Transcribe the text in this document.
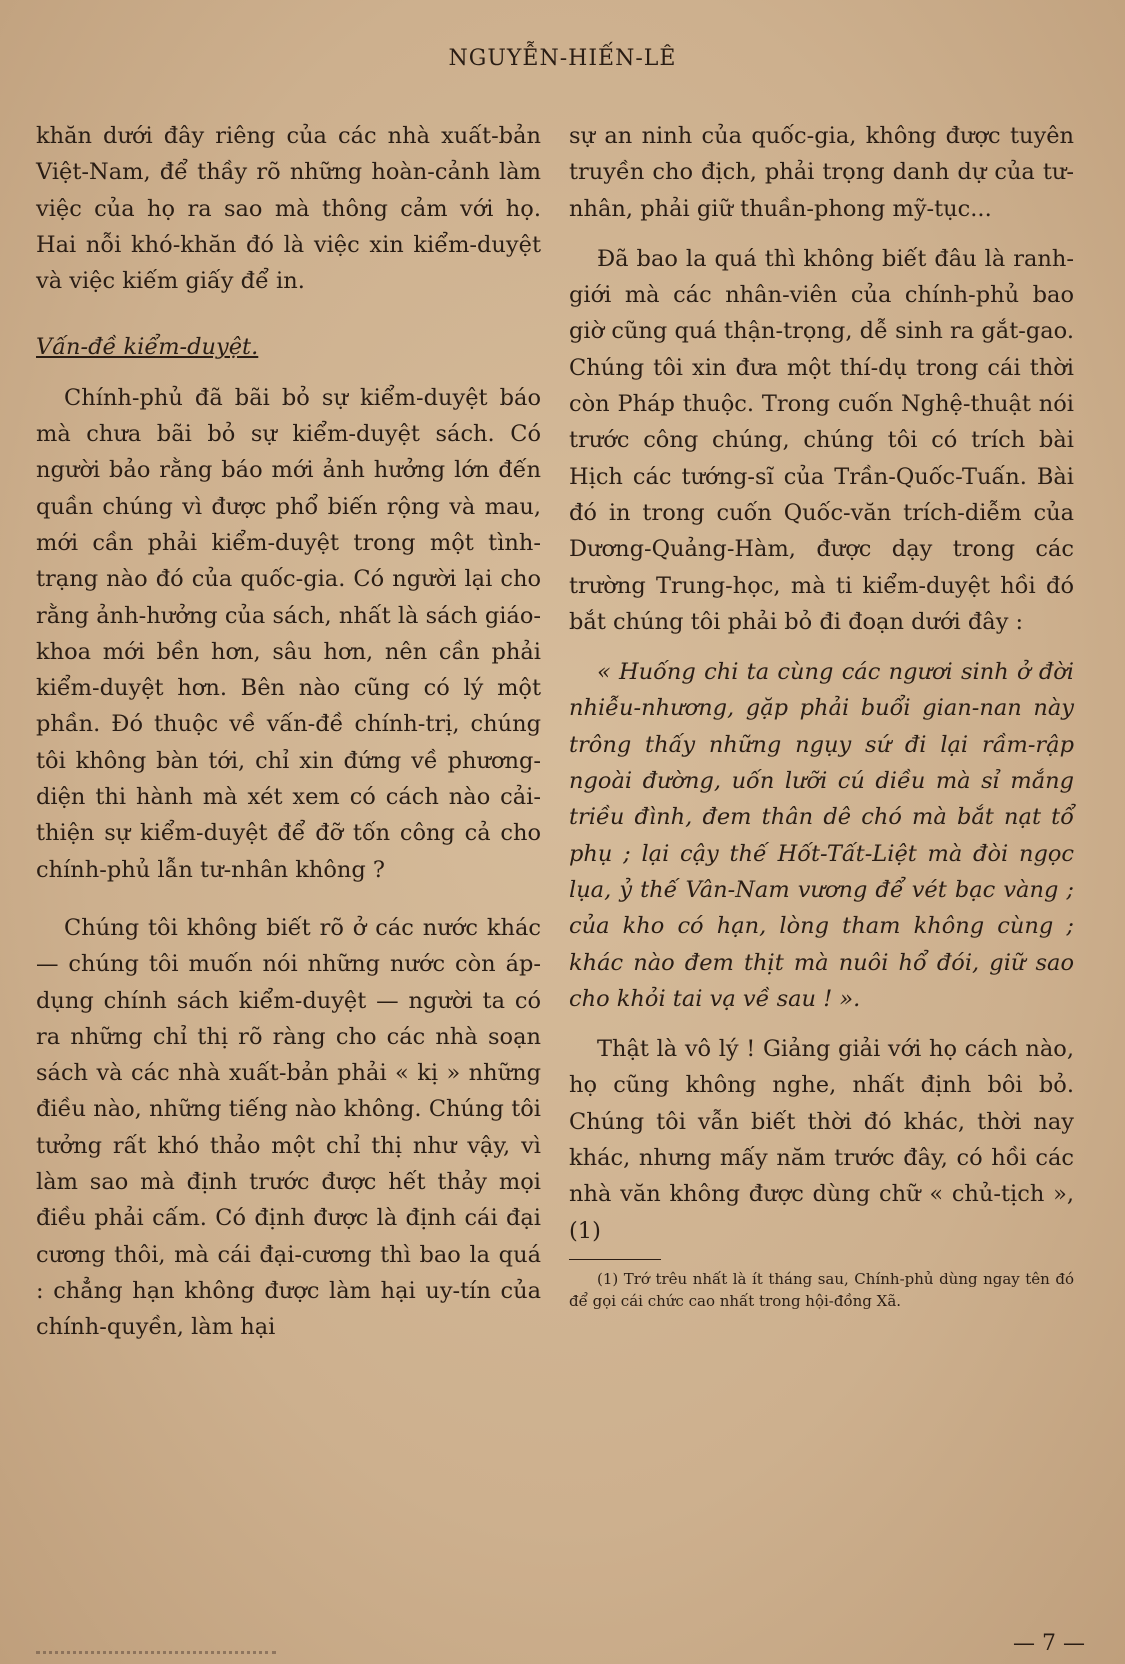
NGUYỄN-HIẾN-LÊ

khăn dưới đây riêng của các nhà xuất-bản Việt-Nam, để thầy rõ những hoàn-cảnh làm việc của họ ra sao mà thông cảm với họ. Hai nỗi khó-khăn đó là việc xin kiểm-duyệt và việc kiếm giấy để in.

Vấn-đề kiểm-duyệt.

Chính-phủ đã bãi bỏ sự kiểm-duyệt báo mà chưa bãi bỏ sự kiểm-duyệt sách. Có người bảo rằng báo mới ảnh hưởng lớn đến quần chúng vì được phổ biến rộng và mau, mới cần phải kiểm-duyệt trong một tình-trạng nào đó của quốc-gia. Có người lại cho rằng ảnh-hưởng của sách, nhất là sách giáo-khoa mới bền hơn, sâu hơn, nên cần phải kiểm-duyệt hơn. Bên nào cũng có lý một phần. Đó thuộc về vấn-đề chính-trị, chúng tôi không bàn tới, chỉ xin đứng về phương-diện thi hành mà xét xem có cách nào cải-thiện sự kiểm-duyệt để đỡ tốn công cả cho chính-phủ lẫn tư-nhân không ?

Chúng tôi không biết rõ ở các nước khác — chúng tôi muốn nói những nước còn áp-dụng chính sách kiểm-duyệt — người ta có ra những chỉ thị rõ ràng cho các nhà soạn sách và các nhà xuất-bản phải « kị » những điều nào, những tiếng nào không. Chúng tôi tưởng rất khó thảo một chỉ thị như vậy, vì làm sao mà định trước được hết thảy mọi điều phải cấm. Có định được là định cái đại cương thôi, mà cái đại-cương thì bao la quá : chẳng hạn không được làm hại uy-tín của chính-quyền, làm hại

sự an ninh của quốc-gia, không được tuyên truyền cho địch, phải trọng danh dự của tư-nhân, phải giữ thuần-phong mỹ-tục...

Đã bao la quá thì không biết đâu là ranh-giới mà các nhân-viên của chính-phủ bao giờ cũng quá thận-trọng, dễ sinh ra gắt-gao. Chúng tôi xin đưa một thí-dụ trong cái thời còn Pháp thuộc. Trong cuốn Nghệ-thuật nói trước công chúng, chúng tôi có trích bài Hịch các tướng-sĩ của Trần-Quốc-Tuấn. Bài đó in trong cuốn Quốc-văn trích-diễm của Dương-Quảng-Hàm, được dạy trong các trường Trung-học, mà ti kiểm-duyệt hồi đó bắt chúng tôi phải bỏ đi đoạn dưới đây :

« Huống chi ta cùng các ngươi sinh ở đời nhiễu-nhương, gặp phải buổi gian-nan này trông thấy những ngụy sứ đi lại rầm-rập ngoài đường, uốn lưỡi cú diều mà sỉ mắng triều đình, đem thân dê chó mà bắt nạt tổ phụ ; lại cậy thế Hốt-Tất-Liệt mà đòi ngọc lụa, ỷ thế Vân-Nam vương để vét bạc vàng ; của kho có hạn, lòng tham không cùng ; khác nào đem thịt mà nuôi hổ đói, giữ sao cho khỏi tai vạ về sau ! ».

Thật là vô lý ! Giảng giải với họ cách nào, họ cũng không nghe, nhất định bôi bỏ. Chúng tôi vẫn biết thời đó khác, thời nay khác, nhưng mấy năm trước đây, có hồi các nhà văn không được dùng chữ « chủ-tịch », (1)

(1) Trớ trêu nhất là ít tháng sau, Chính-phủ dùng ngay tên đó để gọi cái chức cao nhất trong hội-đồng Xã.

— 7 —
